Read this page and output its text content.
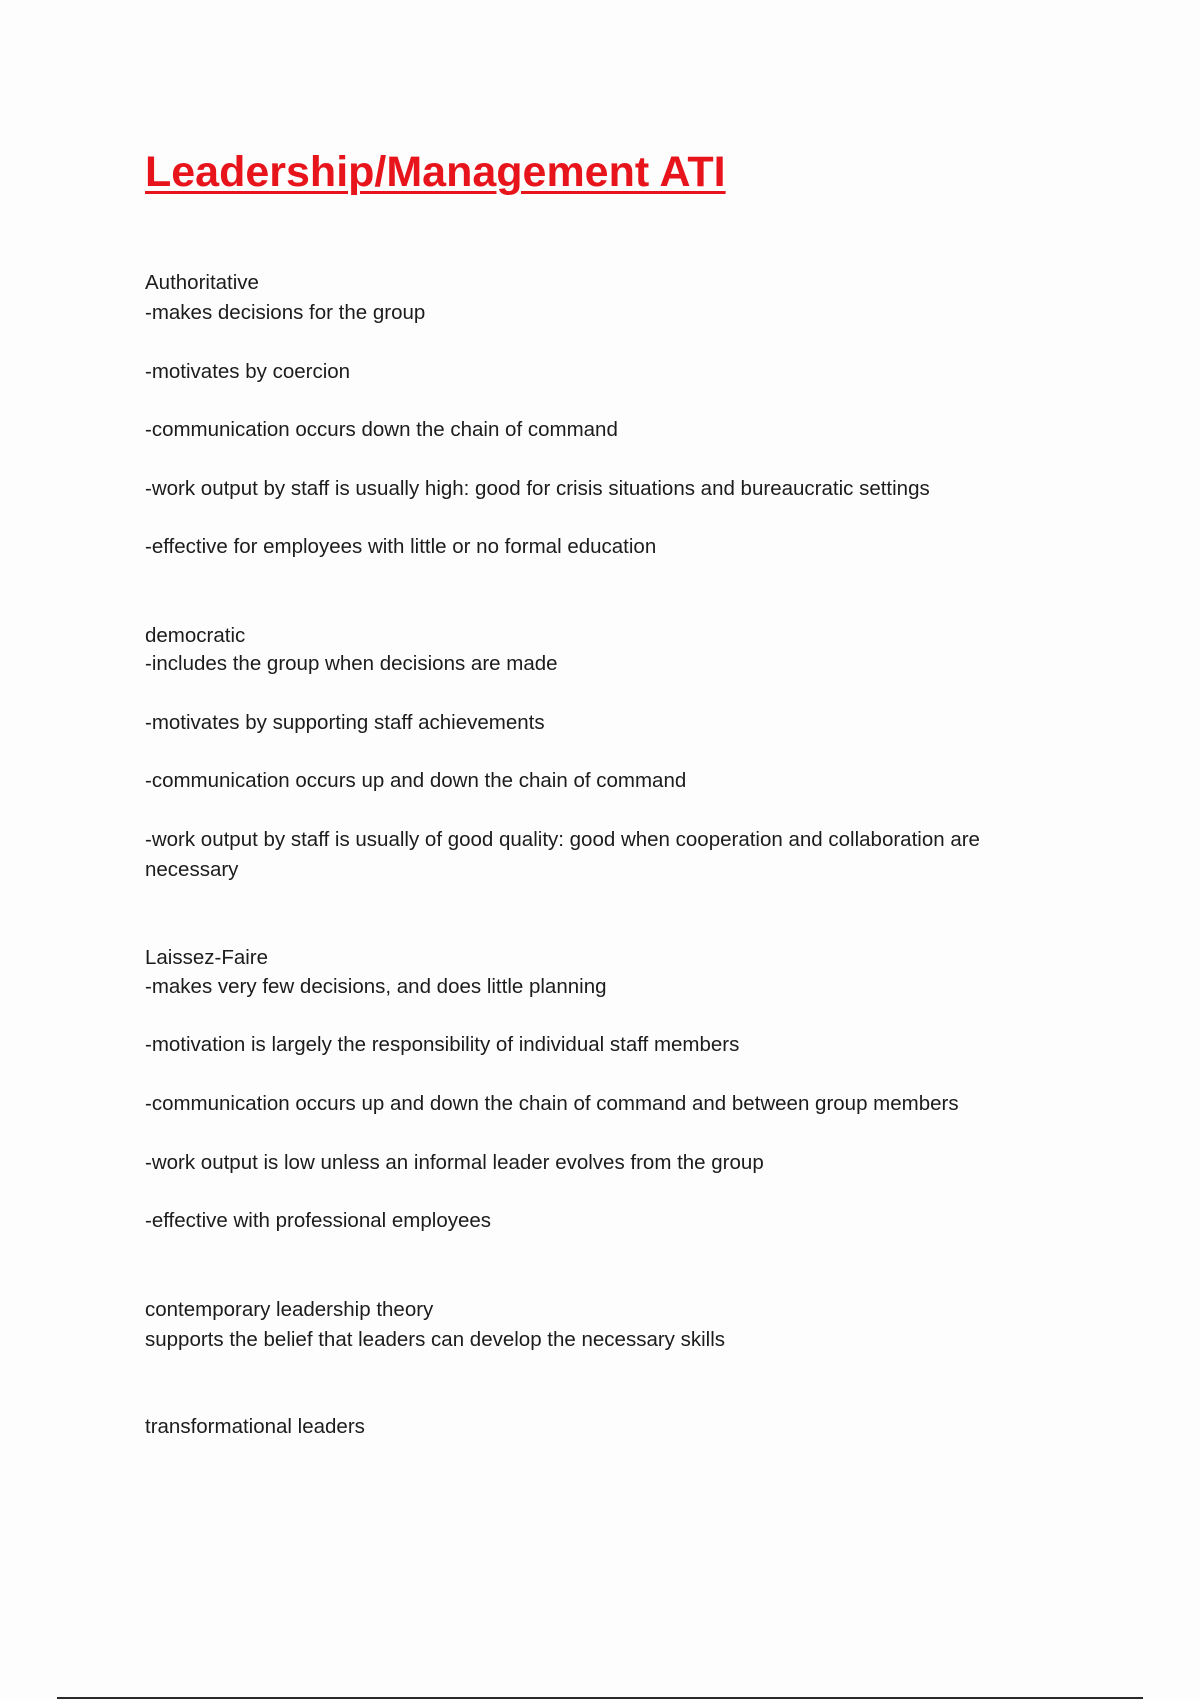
Leadership/Management ATI

Authoritative

-makes decisions for the group

-motivates by coercion

-communication occurs down the chain of command

-work output by staff is usually high: good for crisis situations and bureaucratic settings

-effective for employees with little or no formal education

democratic

-includes the group when decisions are made

-motivates by supporting staff achievements

-communication occurs up and down the chain of command

-work output by staff is usually of good quality: good when cooperation and collaboration are

necessary

Laissez-Faire

-makes very few decisions, and does little planning

-motivation is largely the responsibility of individual staff members

-communication occurs up and down the chain of command and between group members

-work output is low unless an informal leader evolves from the group

-effective with professional employees

contemporary leadership theory

supports the belief that leaders can develop the necessary skills

transformational leaders
